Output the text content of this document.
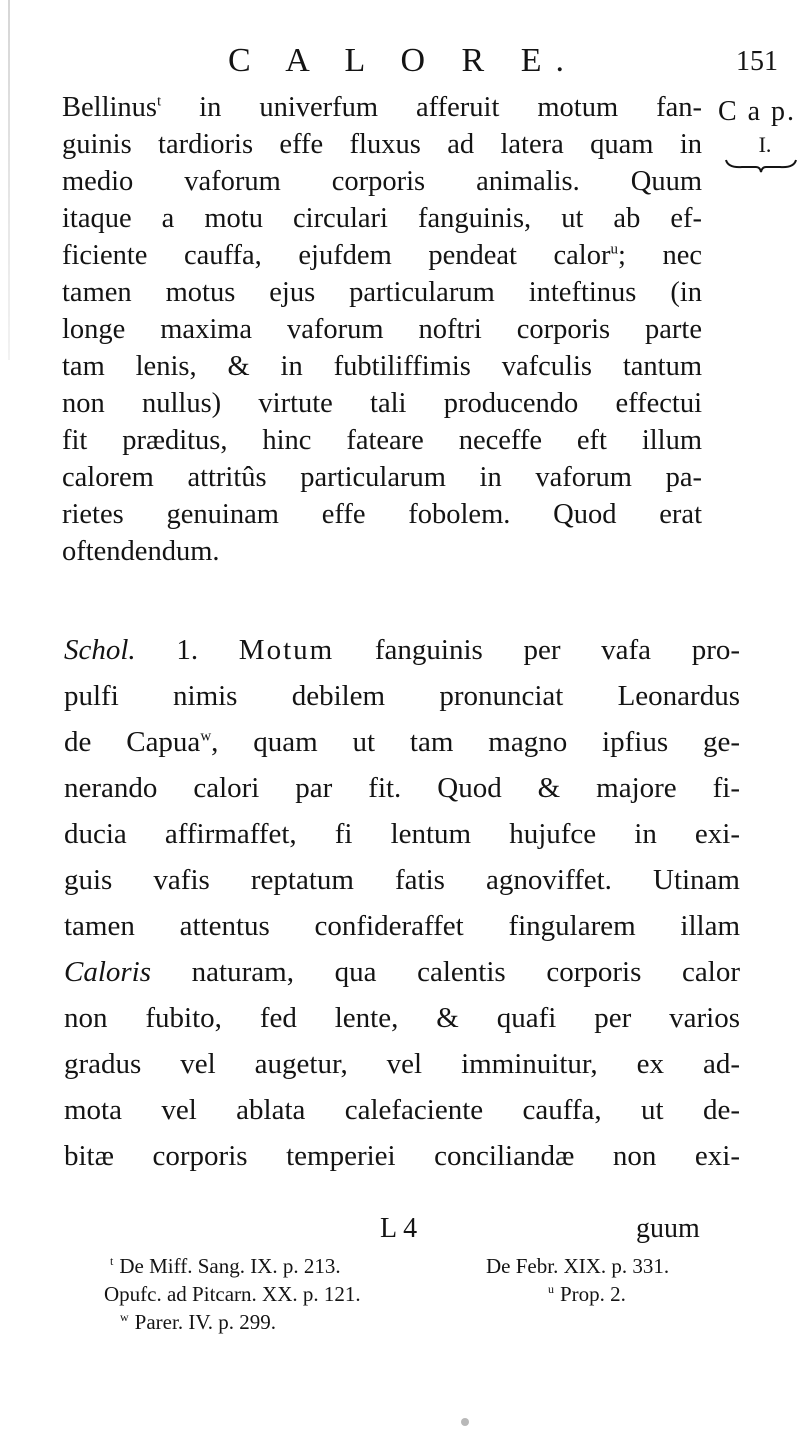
C A L O R E.	151
C a p.
I.
Bellinus$^t$ in univerfum afferuit motum fan-
guinis tardioris effe fluxus ad latera quam in
medio vaforum corporis animalis. Quum
itaque a motu circulari fanguinis, ut ab ef-
ficiente cauffa, ejufdem pendeat calor$^u$; nec
tamen motus ejus particularum inteftinus (in
longe maxima vaforum noftri corporis parte
tam lenis, & in fubtiliffimis vafculis tantum
non nullus) virtute tali producendo effectui
fit præditus, hinc fateare neceffe eft illum
calorem attritûs particularum in vaforum pa-
rietes genuinam effe fobolem. Quod erat
oftendendum.
Schol. 1. Motum fanguinis per vafa pro-
pulfi nimis debilem pronunciat Leonardus
de Capua$^w$, quam ut tam magno ipfius ge-
nerando calori par fit. Quod & majore fi-
ducia affirmaffet, fi lentum hujufce in exi-
guis vafis reptatum fatis agnoviffet. Utinam
tamen attentus confideraffet fingularem illam
Caloris naturam, qua calentis corporis calor
non fubito, fed lente, & quafi per varios
gradus vel augetur, vel imminuitur, ex ad-
mota vel ablata calefaciente cauffa, ut de-
bitæ corporis temperiei conciliandæ non exi-
L 4	guum
$^t$ De Miff. Sang. IX. p. 213.	De Febr. XIX. p. 331.
Opufc. ad Pitcarn. XX. p. 121.	$^u$ Prop. 2.
$^w$ Parer. IV. p. 299.
